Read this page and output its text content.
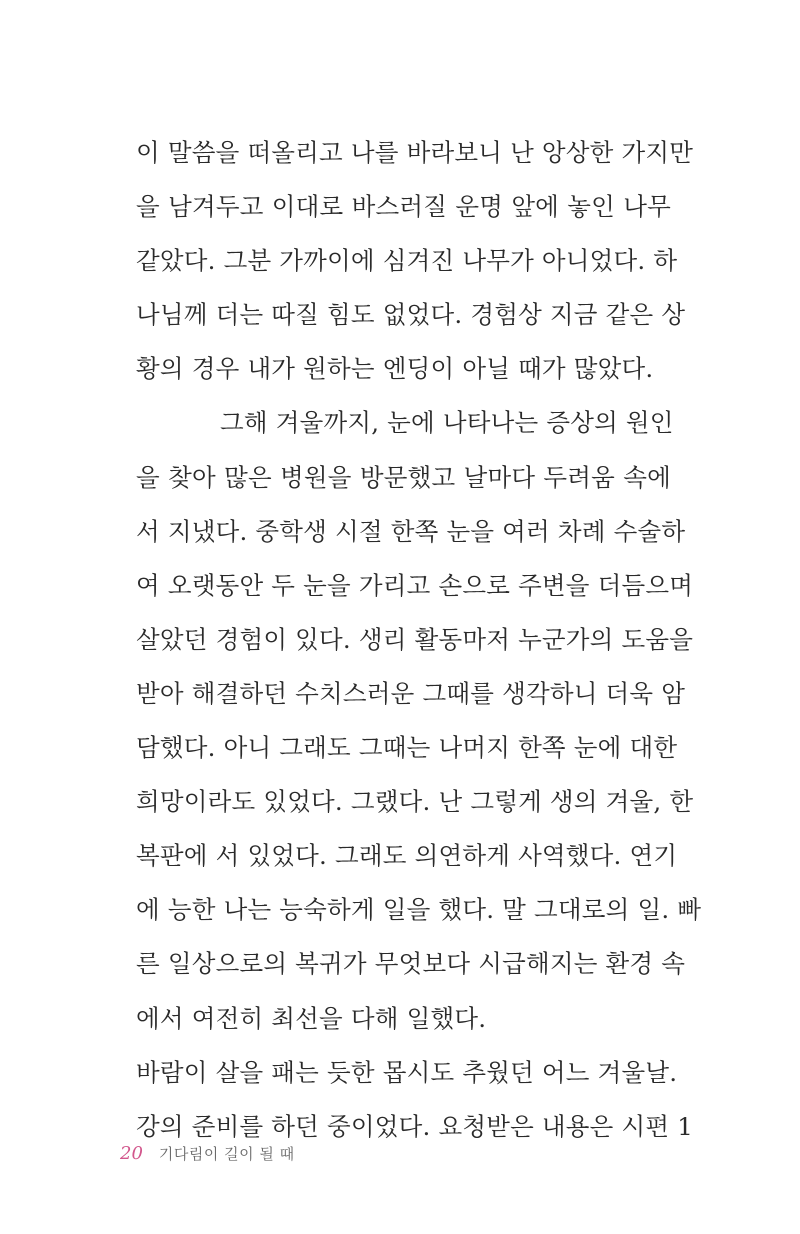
이 말씀을 떠올리고 나를 바라보니 난 앙상한 가지만
을 남겨두고 이대로 바스러질 운명 앞에 놓인 나무
같았다. 그분 가까이에 심겨진 나무가 아니었다. 하
나님께 더는 따질 힘도 없었다. 경험상 지금 같은 상
황의 경우 내가 원하는 엔딩이 아닐 때가 많았다.
그해 겨울까지, 눈에 나타나는 증상의 원인
을 찾아 많은 병원을 방문했고 날마다 두려움 속에
서 지냈다. 중학생 시절 한쪽 눈을 여러 차례 수술하
여 오랫동안 두 눈을 가리고 손으로 주변을 더듬으며
살았던 경험이 있다. 생리 활동마저 누군가의 도움을
받아 해결하던 수치스러운 그때를 생각하니 더욱 암
담했다. 아니 그래도 그때는 나머지 한쪽 눈에 대한
희망이라도 있었다. 그랬다. 난 그렇게 생의 겨울, 한
복판에 서 있었다. 그래도 의연하게 사역했다. 연기
에 능한 나는 능숙하게 일을 했다. 말 그대로의 일. 빠
른 일상으로의 복귀가 무엇보다 시급해지는 환경 속
에서 여전히 최선을 다해 일했다.
바람이 살을 패는 듯한 몹시도 추웠던 어느 겨울날.
강의 준비를 하던 중이었다. 요청받은 내용은 시편 1
20 기다림이 길이 될 때
